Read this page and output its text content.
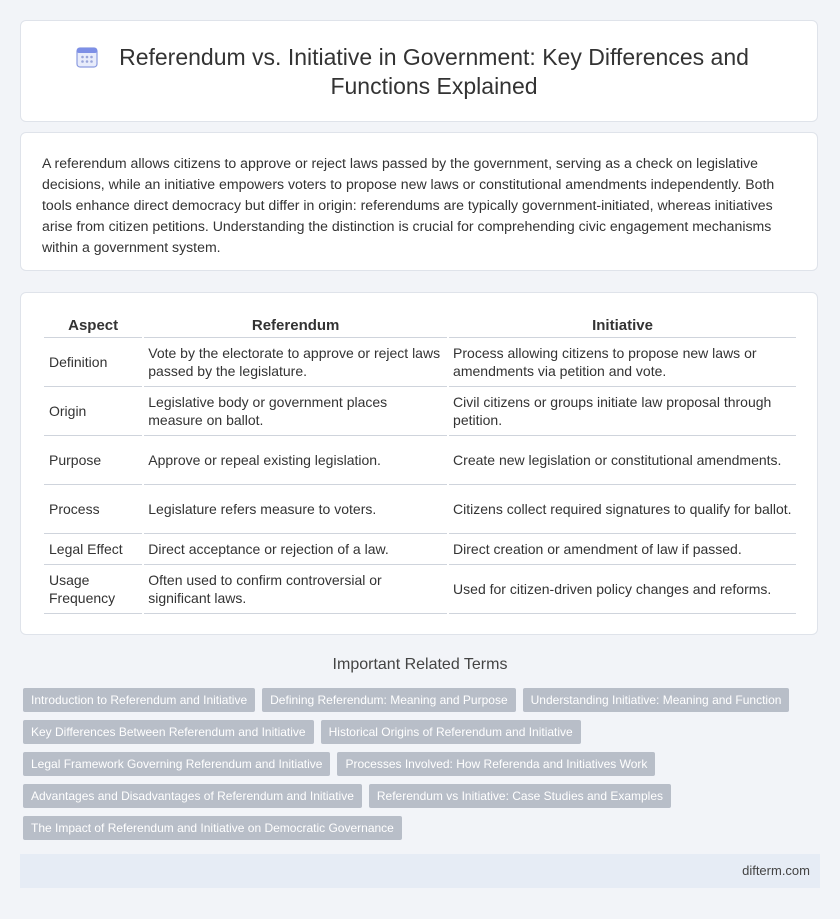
Referendum vs. Initiative in Government: Key Differences and Functions Explained
A referendum allows citizens to approve or reject laws passed by the government, serving as a check on legislative decisions, while an initiative empowers voters to propose new laws or constitutional amendments independently. Both tools enhance direct democracy but differ in origin: referendums are typically government-initiated, whereas initiatives arise from citizen petitions. Understanding the distinction is crucial for comprehending civic engagement mechanisms within a government system.
Aspect	Referendum	Initiative
Definition	Vote by the electorate to approve or reject laws passed by the legislature.	Process allowing citizens to propose new laws or amendments via petition and vote.
Origin	Legislative body or government places measure on ballot.	Civil citizens or groups initiate law proposal through petition.
Purpose	Approve or repeal existing legislation.	Create new legislation or constitutional amendments.
Process	Legislature refers measure to voters.	Citizens collect required signatures to qualify for ballot.
Legal Effect	Direct acceptance or rejection of a law.	Direct creation or amendment of law if passed.
Usage Frequency	Often used to confirm controversial or significant laws.	Used for citizen-driven policy changes and reforms.
Important Related Terms
Introduction to Referendum and Initiative Defining Referendum: Meaning and Purpose Understanding Initiative: Meaning and Function
Key Differences Between Referendum and Initiative Historical Origins of Referendum and Initiative
Legal Framework Governing Referendum and Initiative Processes Involved: How Referenda and Initiatives Work
Advantages and Disadvantages of Referendum and Initiative Referendum vs Initiative: Case Studies and Examples
The Impact of Referendum and Initiative on Democratic Governance
difterm.com
